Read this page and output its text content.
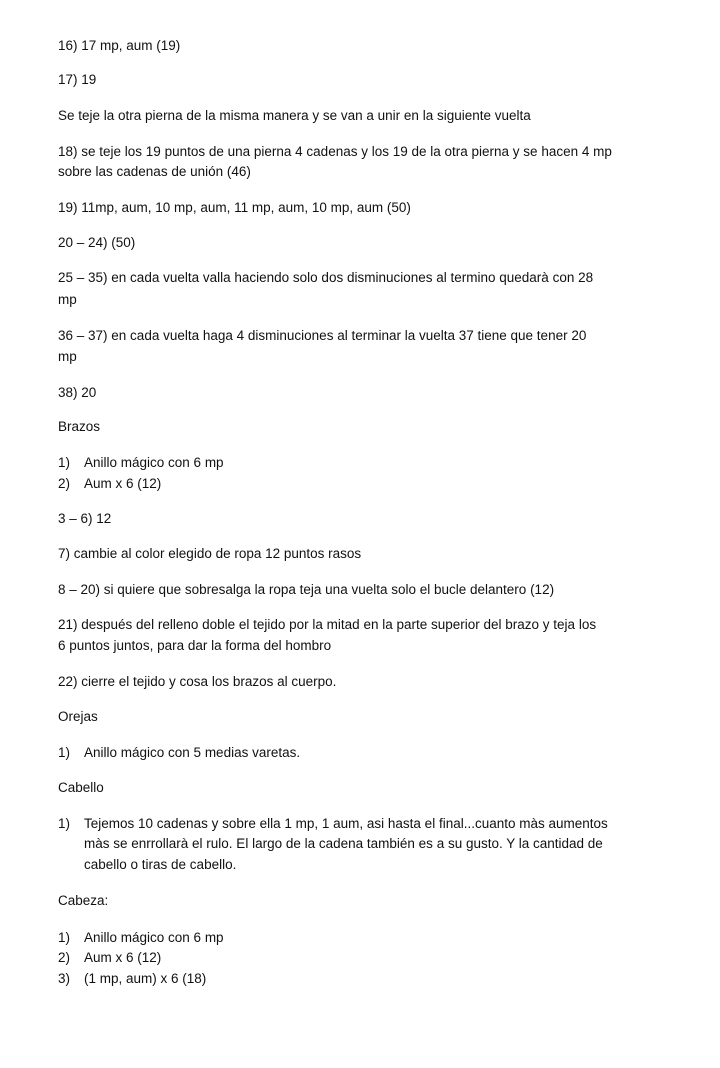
16) 17 mp, aum (19)
17) 19
Se teje la otra pierna de la misma manera y se van a unir en la siguiente vuelta
18) se teje los 19 puntos de una pierna 4 cadenas y los 19 de la otra pierna y se hacen 4 mp
sobre las cadenas de unión (46)
19) 11mp, aum, 10 mp, aum, 11 mp, aum, 10 mp, aum (50)
20 – 24) (50)
25 – 35) en cada vuelta valla haciendo solo dos disminuciones al termino quedarà con 28
mp
36 – 37) en cada vuelta haga 4 disminuciones al terminar la vuelta 37 tiene que tener 20
mp
38) 20
Brazos
1) Anillo mágico con 6 mp
2) Aum x 6 (12)
3 – 6) 12
7) cambie al color elegido de ropa 12 puntos rasos
8 – 20) si quiere que sobresalga la ropa teja una vuelta solo el bucle delantero (12)
21) después del relleno doble el tejido por la mitad en la parte superior del brazo y teja los
6 puntos juntos, para dar la forma del hombro
22) cierre el tejido y cosa los brazos al cuerpo.
Orejas
1) Anillo mágico con 5 medias varetas.
Cabello
1) Tejemos 10 cadenas y sobre ella 1 mp, 1 aum, asi hasta el final...cuanto màs aumentos
màs se enrrollarà el rulo. El largo de la cadena también es a su gusto. Y la cantidad de
cabello o tiras de cabello.
Cabeza:
1) Anillo mágico con 6 mp
2) Aum x 6 (12)
3) (1 mp, aum) x 6 (18)
